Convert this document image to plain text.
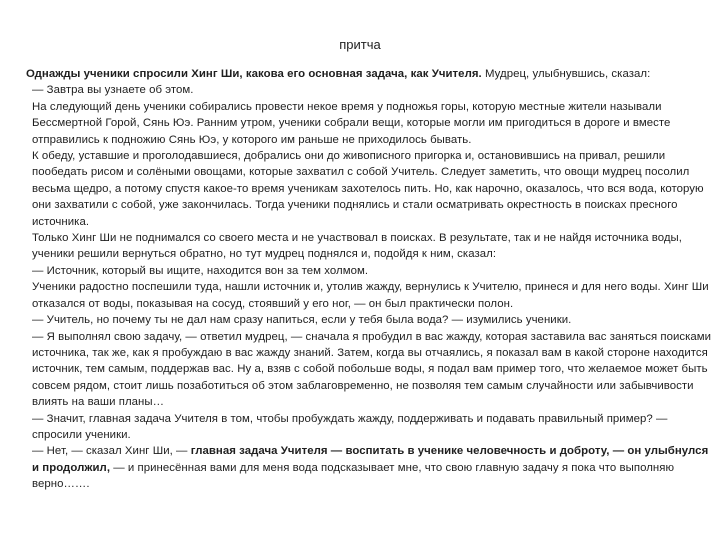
притча

Однажды ученики спросили Хинг Ши, какова его основная задача, как Учителя. Мудрец, улыбнувшись, сказал:

— Завтра вы узнаете об этом.

На следующий день ученики собирались провести некое время у подножья горы, которую местные жители называли Бессмертной Горой, Сянь Юэ. Ранним утром, ученики собрали вещи, которые могли им пригодиться в дороге и вместе отправились к подножию Сянь Юэ, у которого им раньше не приходилось бывать.

К обеду, уставшие и проголодавшиеся, добрались они до живописного пригорка и, остановившись на привал, решили пообедать рисом и солёными овощами, которые захватил с собой Учитель. Следует заметить, что овощи мудрец посолил весьма щедро, а потому спустя какое-то время ученикам захотелось пить. Но, как нарочно, оказалось, что вся вода, которую они захватили с собой, уже закончилась. Тогда ученики поднялись и стали осматривать окрестность в поисках пресного источника.

Только Хинг Ши не поднимался со своего места и не участвовал в поисках. В результате, так и не найдя источника воды, ученики решили вернуться обратно, но тут мудрец поднялся и, подойдя к ним, сказал:

— Источник, который вы ищите, находится вон за тем холмом.

Ученики радостно поспешили туда, нашли источник и, утолив жажду, вернулись к Учителю, принеся и для него воды. Хинг Ши отказался от воды, показывая на сосуд, стоявший у его ног, — он был практически полон.

— Учитель, но почему ты не дал нам сразу напиться, если у тебя была вода? — изумились ученики.

— Я выполнял свою задачу, — ответил мудрец, — сначала я пробудил в вас жажду, которая заставила вас заняться поисками источника, так же, как я пробуждаю в вас жажду знаний. Затем, когда вы отчаялись, я показал вам в какой стороне находится источник, тем самым, поддержав вас. Ну а, взяв с собой побольше воды, я подал вам пример того, что желаемое может быть совсем рядом, стоит лишь позаботиться об этом заблаговременно, не позволяя тем самым случайности или забывчивости влиять на ваши планы…

— Значит, главная задача Учителя в том, чтобы пробуждать жажду, поддерживать и подавать правильный пример? — спросили ученики.

— Нет, — сказал Хинг Ши, — главная задача Учителя — воспитать в ученике человечность и доброту, — он улыбнулся и продолжил, — и принесённая вами для меня вода подсказывает мне, что свою главную задачу я пока что выполняю верно…….
